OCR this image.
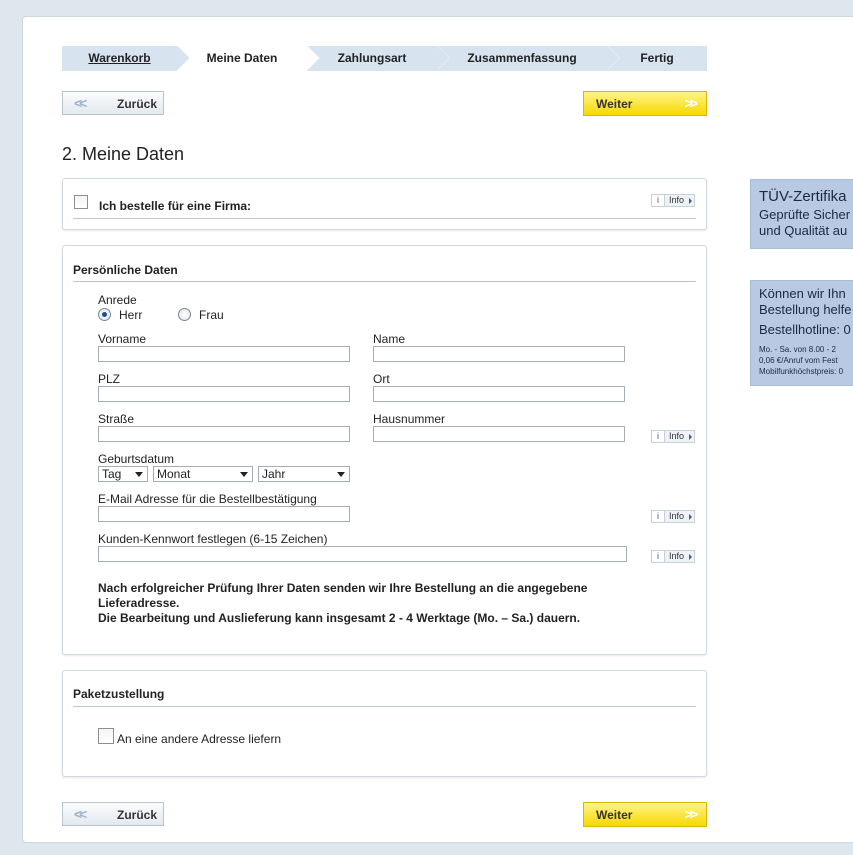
Warenkorb	Meine Daten	Zahlungsart	Zusammenfassung	Fertig
<<	Zurück	Weiter	>>
2. Meine Daten
Ich bestelle für eine Firma:	i	Info
Persönliche Daten
Anrede
Herr	Frau
Vorname	Name
PLZ	Ort
Straße	Hausnummer
i	Info
Geburtsdatum
Tag	Monat	Jahr
E-Mail Adresse für die Bestellbestätigung
i	Info
Kunden-Kennwort festlegen (6-15 Zeichen)
i	Info
Nach erfolgreicher Prüfung Ihrer Daten senden wir Ihre Bestellung an die angegebene
Lieferadresse.
Die Bearbeitung und Auslieferung kann insgesamt 2 - 4 Werktage (Mo. – Sa.) dauern.
Paketzustellung
An eine andere Adresse liefern
<<	Zurück	Weiter	>>
TÜV-Zertifika
Geprüfte Sicher
und Qualität au
Können wir Ihn
Bestellung helfe
Bestellhotline: 0
Mo. - Sa. von 8.00 - 2
0,06 €/Anruf vom Fest
Mobilfunkhöchstpreis: 0
